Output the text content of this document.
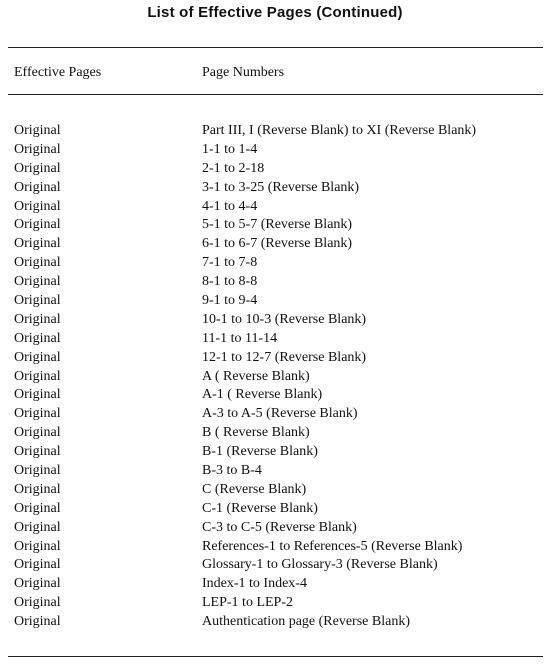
List of Effective Pages (Continued)
Effective Pages	Page Numbers
Original	Part III, I (Reverse Blank) to XI (Reverse Blank)
Original	1-1 to 1-4
Original	2-1 to 2-18
Original	3-1 to 3-25 (Reverse Blank)
Original	4-1 to 4-4
Original	5-1 to 5-7 (Reverse Blank)
Original	6-1 to 6-7 (Reverse Blank)
Original	7-1 to 7-8
Original	8-1 to 8-8
Original	9-1 to 9-4
Original	10-1 to 10-3 (Reverse Blank)
Original	11-1 to 11-14
Original	12-1 to 12-7 (Reverse Blank)
Original	A ( Reverse Blank)
Original	A-1 ( Reverse Blank)
Original	A-3 to A-5 (Reverse Blank)
Original	B ( Reverse Blank)
Original	B-1 (Reverse Blank)
Original	B-3 to B-4
Original	C (Reverse Blank)
Original	C-1 (Reverse Blank)
Original	C-3 to C-5 (Reverse Blank)
Original	References-1 to References-5 (Reverse Blank)
Original	Glossary-1 to Glossary-3 (Reverse Blank)
Original	Index-1 to Index-4
Original	LEP-1 to LEP-2
Original	Authentication page (Reverse Blank)
